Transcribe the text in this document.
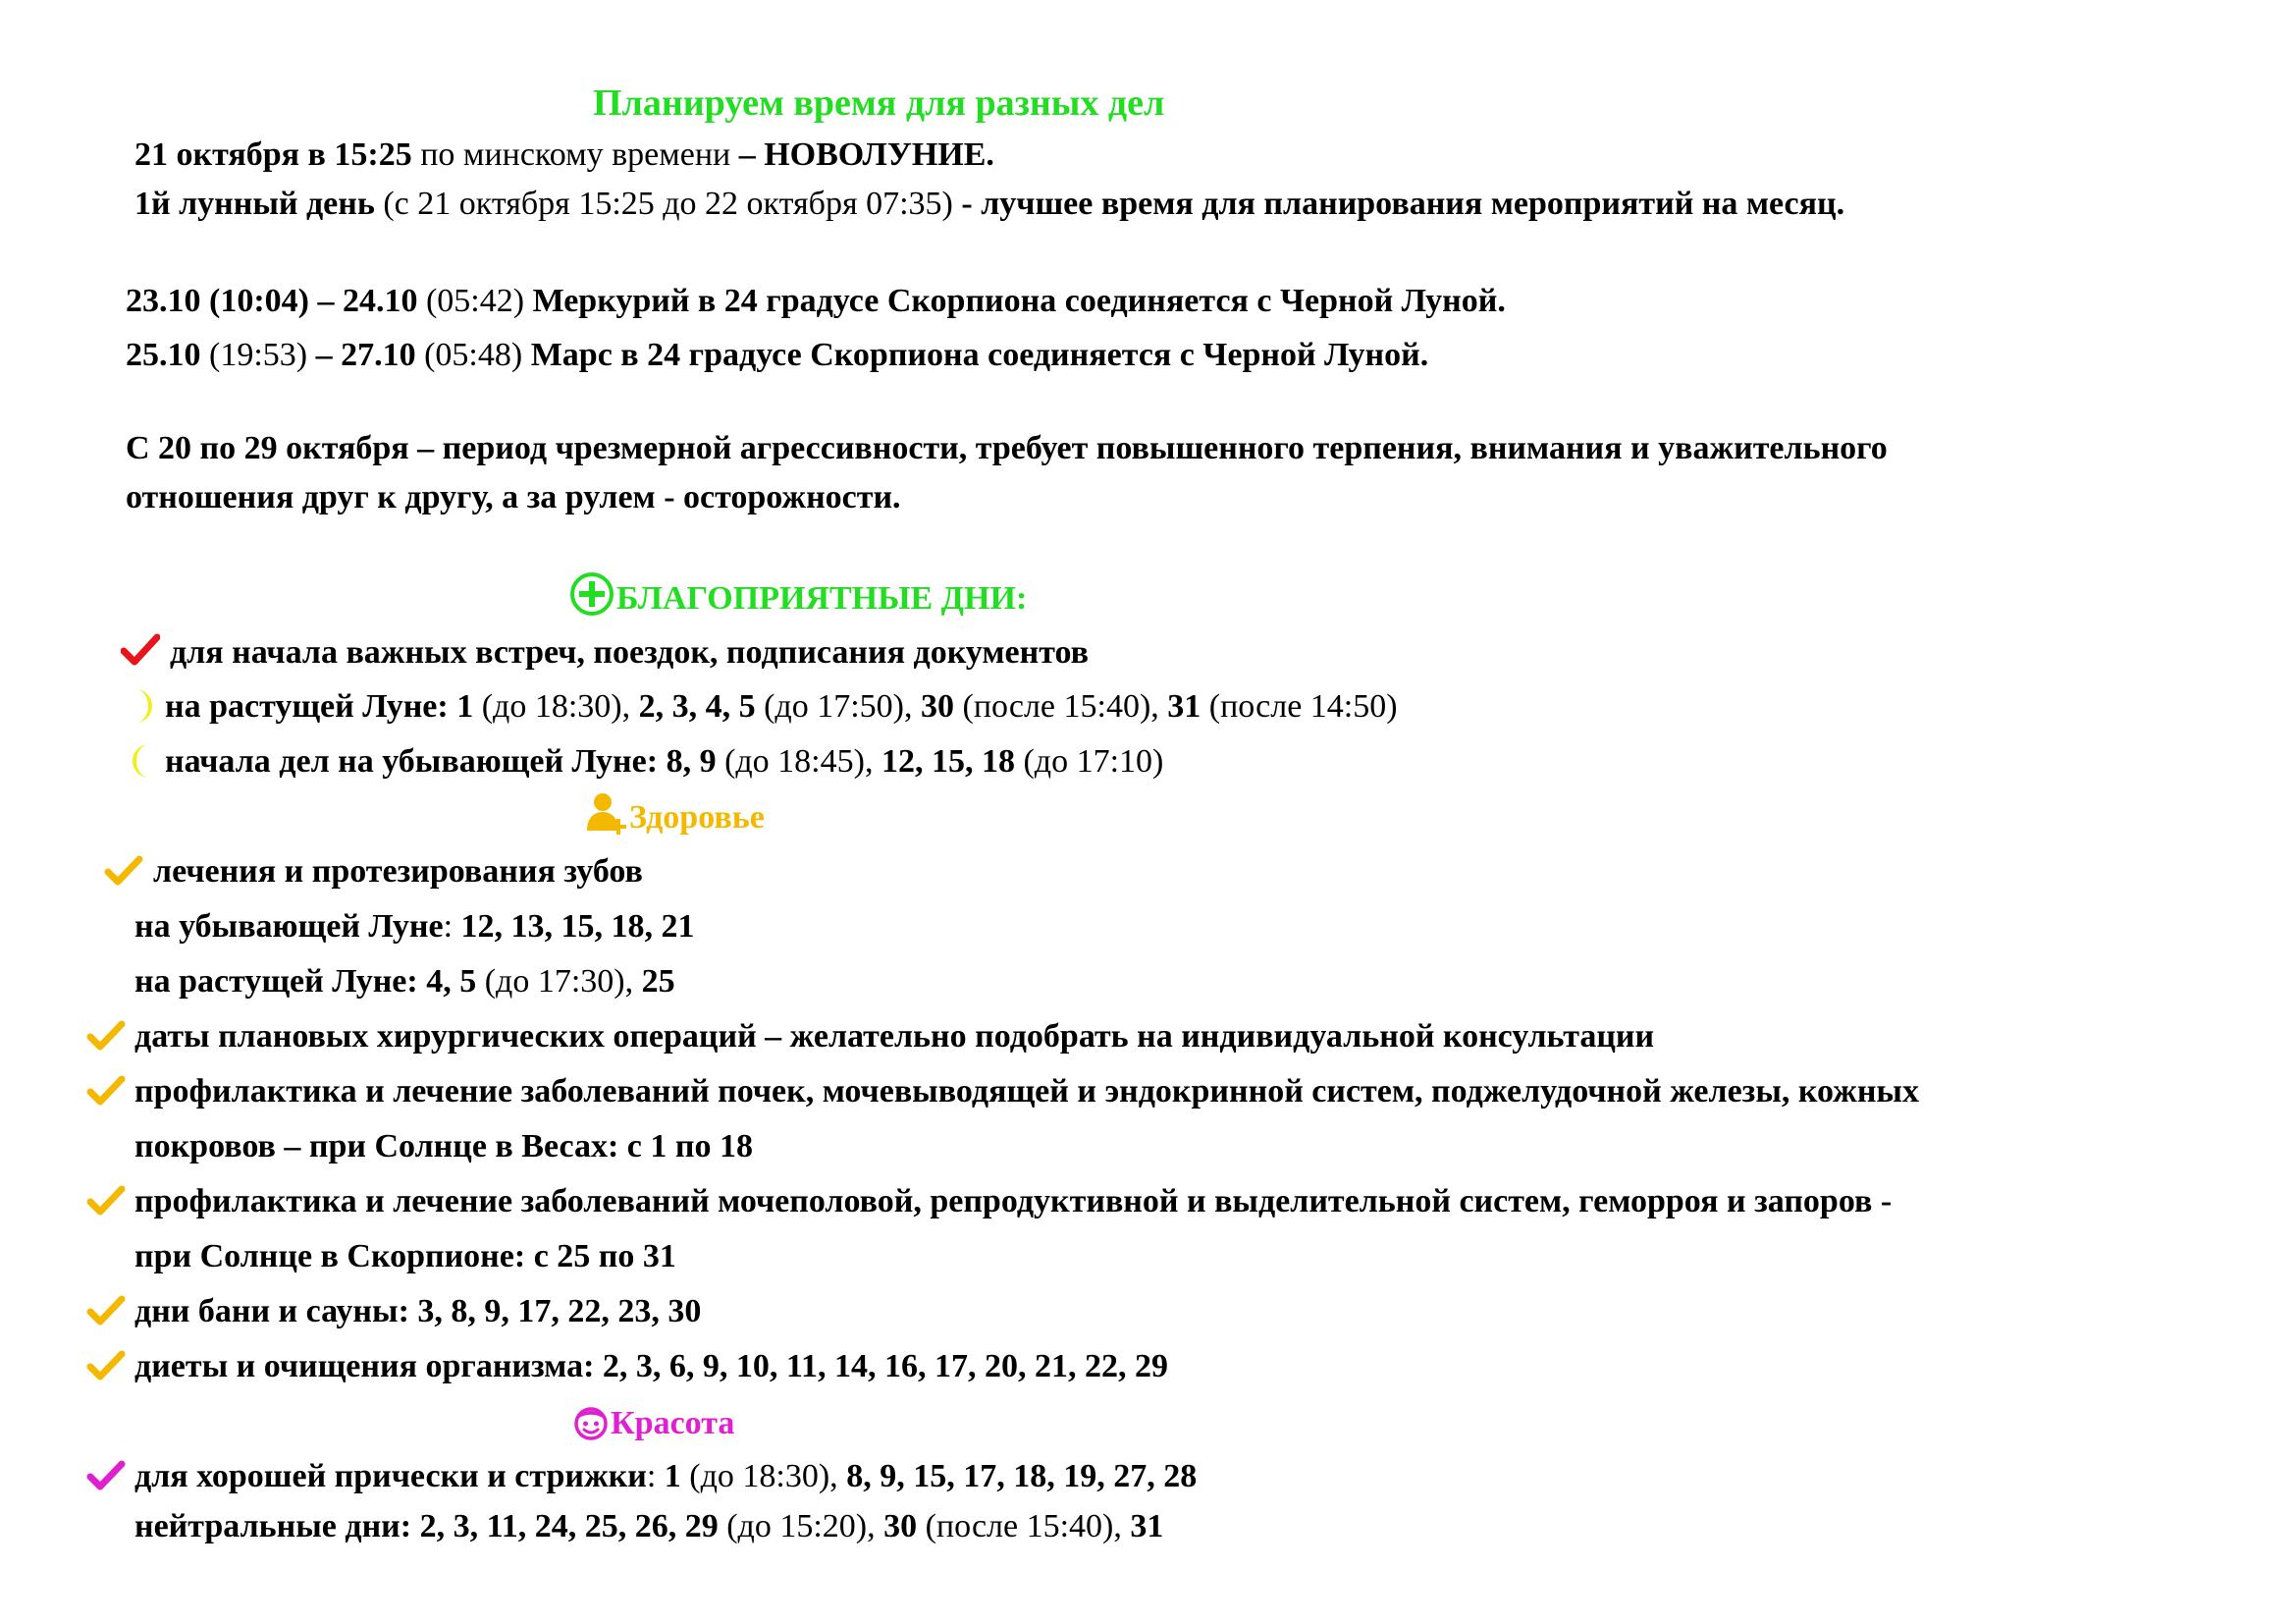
Планируем время для разных дел
21 октября в 15:25 по минскому времени – НОВОЛУНИЕ.
1й лунный день (с 21 октября 15:25 до 22 октября 07:35) - лучшее время для планирования мероприятий на месяц.
23.10 (10:04) – 24.10 (05:42) Меркурий в 24 градусе Скорпиона соединяется с Черной Луной.
25.10 (19:53) – 27.10 (05:48) Марс в 24 градусе Скорпиона соединяется с Черной Луной.
С 20 по 29 октября – период чрезмерной агрессивности, требует повышенного терпения, внимания и уважительного
отношения друг к другу, а за рулем - осторожности.
БЛАГОПРИЯТНЫЕ ДНИ:
для начала важных встреч, поездок, подписания документов
на растущей Луне: 1 (до 18:30), 2, 3, 4, 5 (до 17:50), 30 (после 15:40), 31 (после 14:50)
начала дел на убывающей Луне: 8, 9 (до 18:45), 12, 15, 18 (до 17:10)
Здоровье
лечения и протезирования зубов
на убывающей Луне: 12, 13, 15, 18, 21
на растущей Луне: 4, 5 (до 17:30), 25
даты плановых хирургических операций – желательно подобрать на индивидуальной консультации
профилактика и лечение заболеваний почек, мочевыводящей и эндокринной систем, поджелудочной железы, кожных
покровов – при Солнце в Весах: с 1 по 18
профилактика и лечение заболеваний мочеполовой, репродуктивной и выделительной систем, геморроя и запоров -
при Солнце в Скорпионе: с 25 по 31
дни бани и сауны: 3, 8, 9, 17, 22, 23, 30
диеты и очищения организма: 2, 3, 6, 9, 10, 11, 14, 16, 17, 20, 21, 22, 29
Красота
для хорошей прически и стрижки: 1 (до 18:30), 8, 9, 15, 17, 18, 19, 27, 28
нейтральные дни: 2, 3, 11, 24, 25, 26, 29 (до 15:20), 30 (после 15:40), 31
